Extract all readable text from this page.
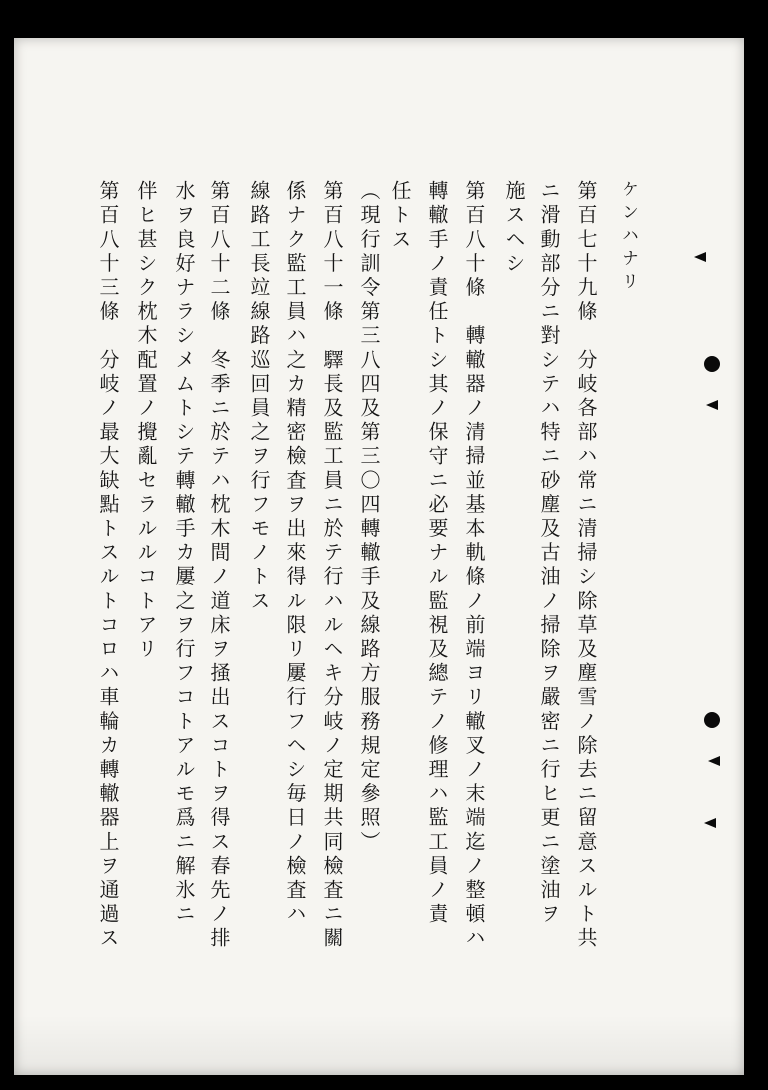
ケンハナリ
第百七十九條　分岐各部ハ常ニ清掃シ除草及塵雪ノ除去ニ留意スルト共
ニ滑動部分ニ對シテハ特ニ砂塵及古油ノ掃除ヲ嚴密ニ行ヒ更ニ塗油ヲ
施スヘシ
第百八十條　轉轍器ノ清掃並基本軌條ノ前端ヨリ轍叉ノ末端迄ノ整頓ハ
轉轍手ノ責任トシ其ノ保守ニ必要ナル監視及總テノ修理ハ監工員ノ責
任トス
（現行訓令第三八四及第三〇四轉轍手及線路方服務規定參照）
第百八十一條　驛長及監工員ニ於テ行ハルヘキ分岐ノ定期共同檢査ニ關
係ナク監工員ハ之カ精密檢査ヲ出來得ル限リ屢行フヘシ毎日ノ檢査ハ
線路工長竝線路巡回員之ヲ行フモノトス
第百八十二條　冬季ニ於テハ枕木間ノ道床ヲ掻出スコトヲ得ス春先ノ排
水ヲ良好ナラシメムトシテ轉轍手カ屢之ヲ行フコトアルモ爲ニ解氷ニ
伴ヒ甚シク枕木配置ノ攪亂セラルルコトアリ
第百八十三條　分岐ノ最大缺點トスルトコロハ車輪カ轉轍器上ヲ通過ス
